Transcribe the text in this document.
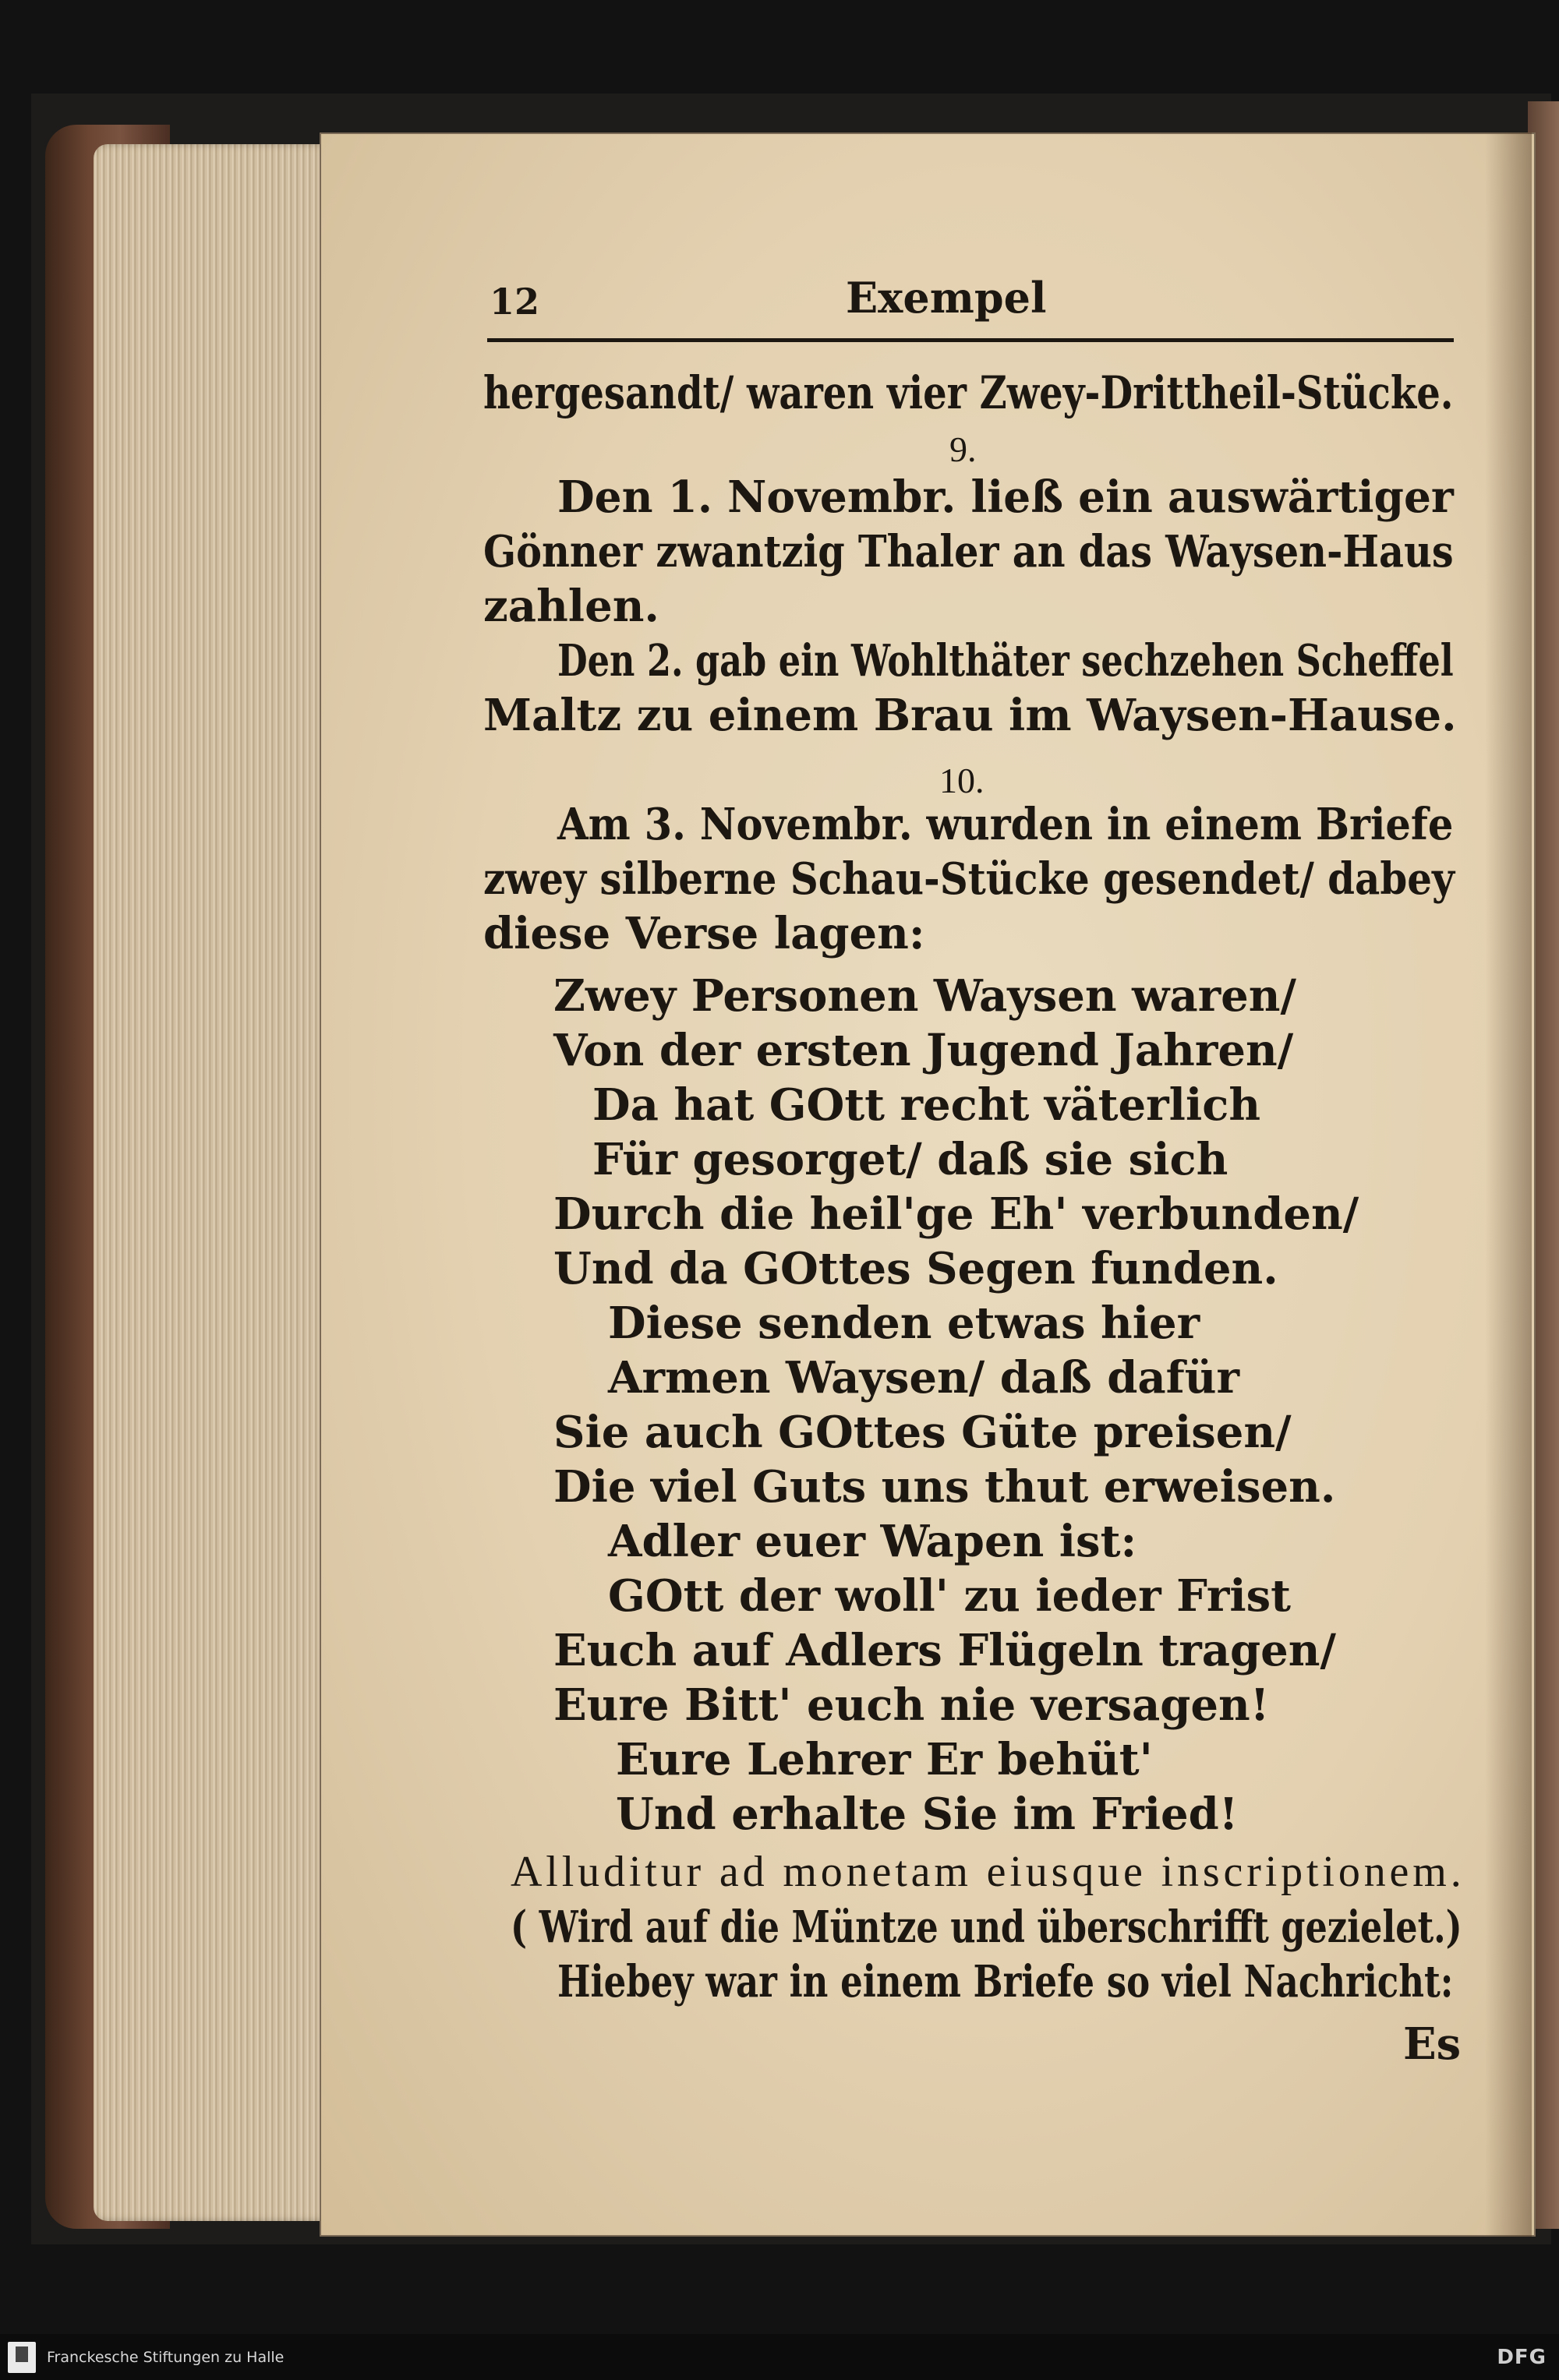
12	Exempel
hergesandt/ waren vier Zwey-Drittheil-Stücke.
9.
Den 1. Novembr. ließ ein auswärtiger
Gönner zwantzig Thaler an das Waysen-Haus
zahlen.
Den 2. gab ein Wohlthäter sechzehen Scheffel
Maltz zu einem Brau im Waysen-Hause.
10.
Am 3. Novembr. wurden in einem Briefe
zwey silberne Schau-Stücke gesendet/ dabey
diese Verse lagen:
Zwey Personen Waysen waren/
Von der ersten Jugend Jahren/
Da hat GOtt recht väterlich
Für gesorget/ daß sie sich
Durch die heil'ge Eh' verbunden/
Und da GOttes Segen funden.
Diese senden etwas hier
Armen Waysen/ daß dafür
Sie auch GOttes Güte preisen/
Die viel Guts uns thut erweisen.
Adler euer Wapen ist:
GOtt der woll' zu ieder Frist
Euch auf Adlers Flügeln tragen/
Eure Bitt' euch nie versagen!
Eure Lehrer Er behüt'
Und erhalte Sie im Fried!
Alluditur ad monetam eiusque inscriptionem.
( Wird auf die Müntze und überschrifft gezielet.)
Hiebey war in einem Briefe so viel Nachricht:
Es
Franckesche Stiftungen zu Halle	DFG
